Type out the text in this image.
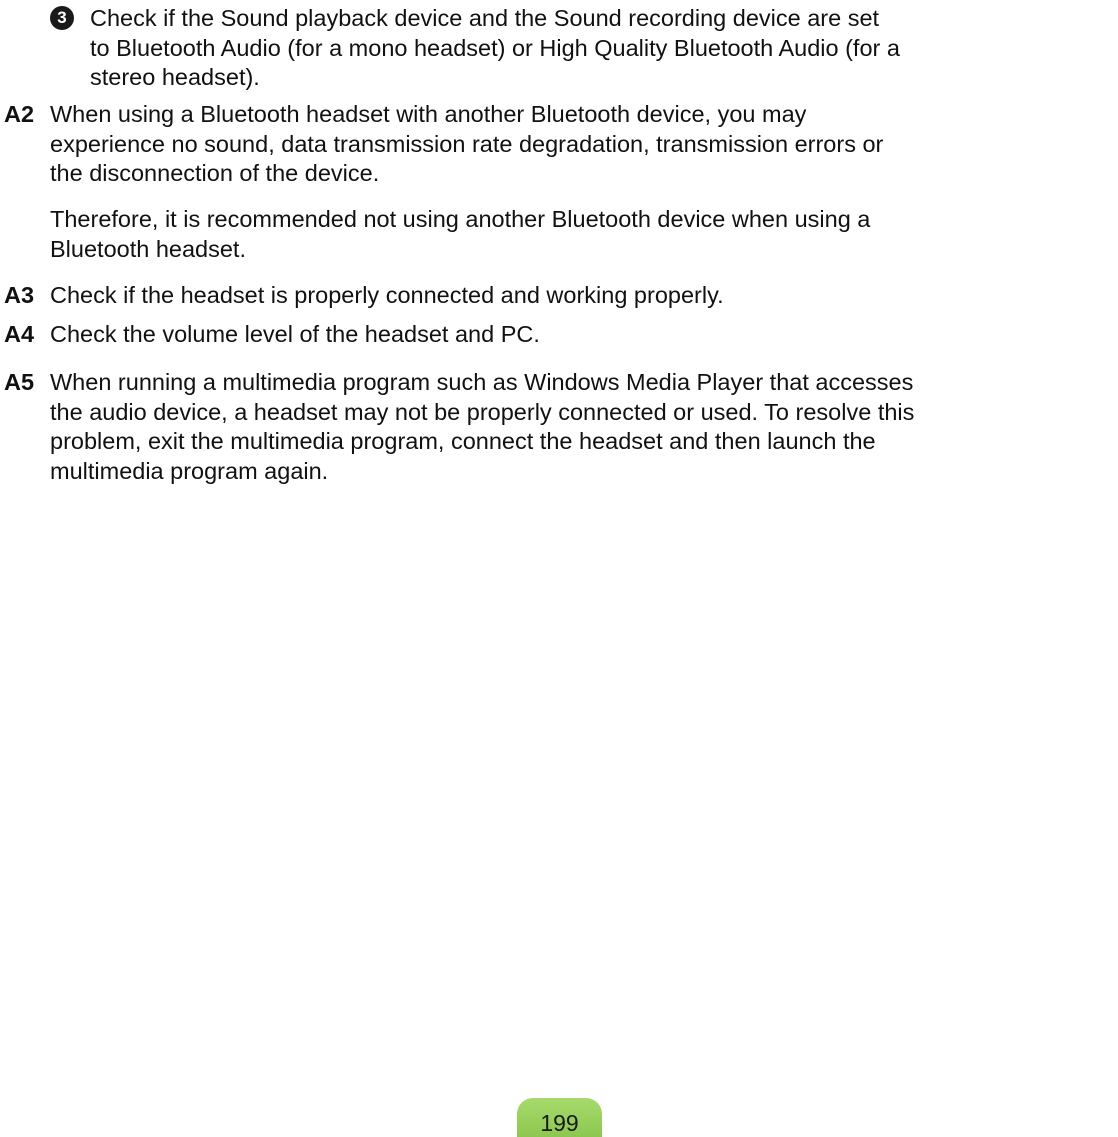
3 Check if the Sound playback device and the Sound recording device are set
to Bluetooth Audio (for a mono headset) or High Quality Bluetooth Audio (for a
stereo headset).
A2 When using a Bluetooth headset with another Bluetooth device, you may
experience no sound, data transmission rate degradation, transmission errors or
the disconnection of the device.
Therefore, it is recommended not using another Bluetooth device when using a
Bluetooth headset.
A3 Check if the headset is properly connected and working properly.
A4 Check the volume level of the headset and PC.
A5 When running a multimedia program such as Windows Media Player that accesses
the audio device, a headset may not be properly connected or used. To resolve this
problem, exit the multimedia program, connect the headset and then launch the
multimedia program again.
199
